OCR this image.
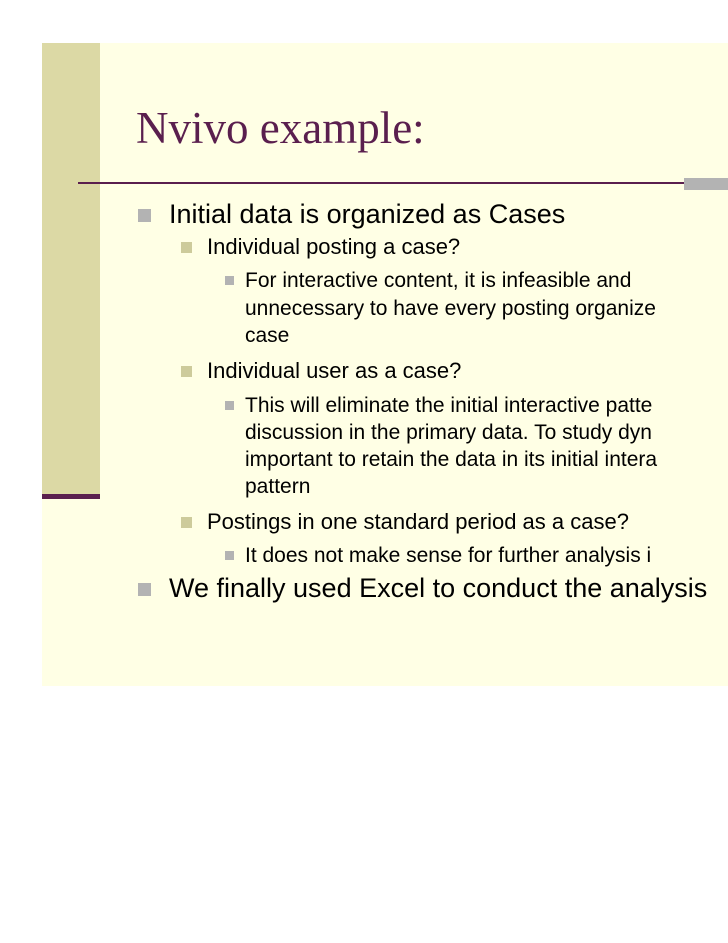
Nvivo example:

Initial data is organized as Cases

Individual posting a case?

For interactive content, it is infeasible and

unnecessary to have every posting organize

case

Individual user as a case?

This will eliminate the initial interactive patte

discussion in the primary data. To study dyn

important to retain the data in its initial intera

pattern

Postings in one standard period as a case?

It does not make sense for further analysis i

We finally used Excel to conduct the analysis
